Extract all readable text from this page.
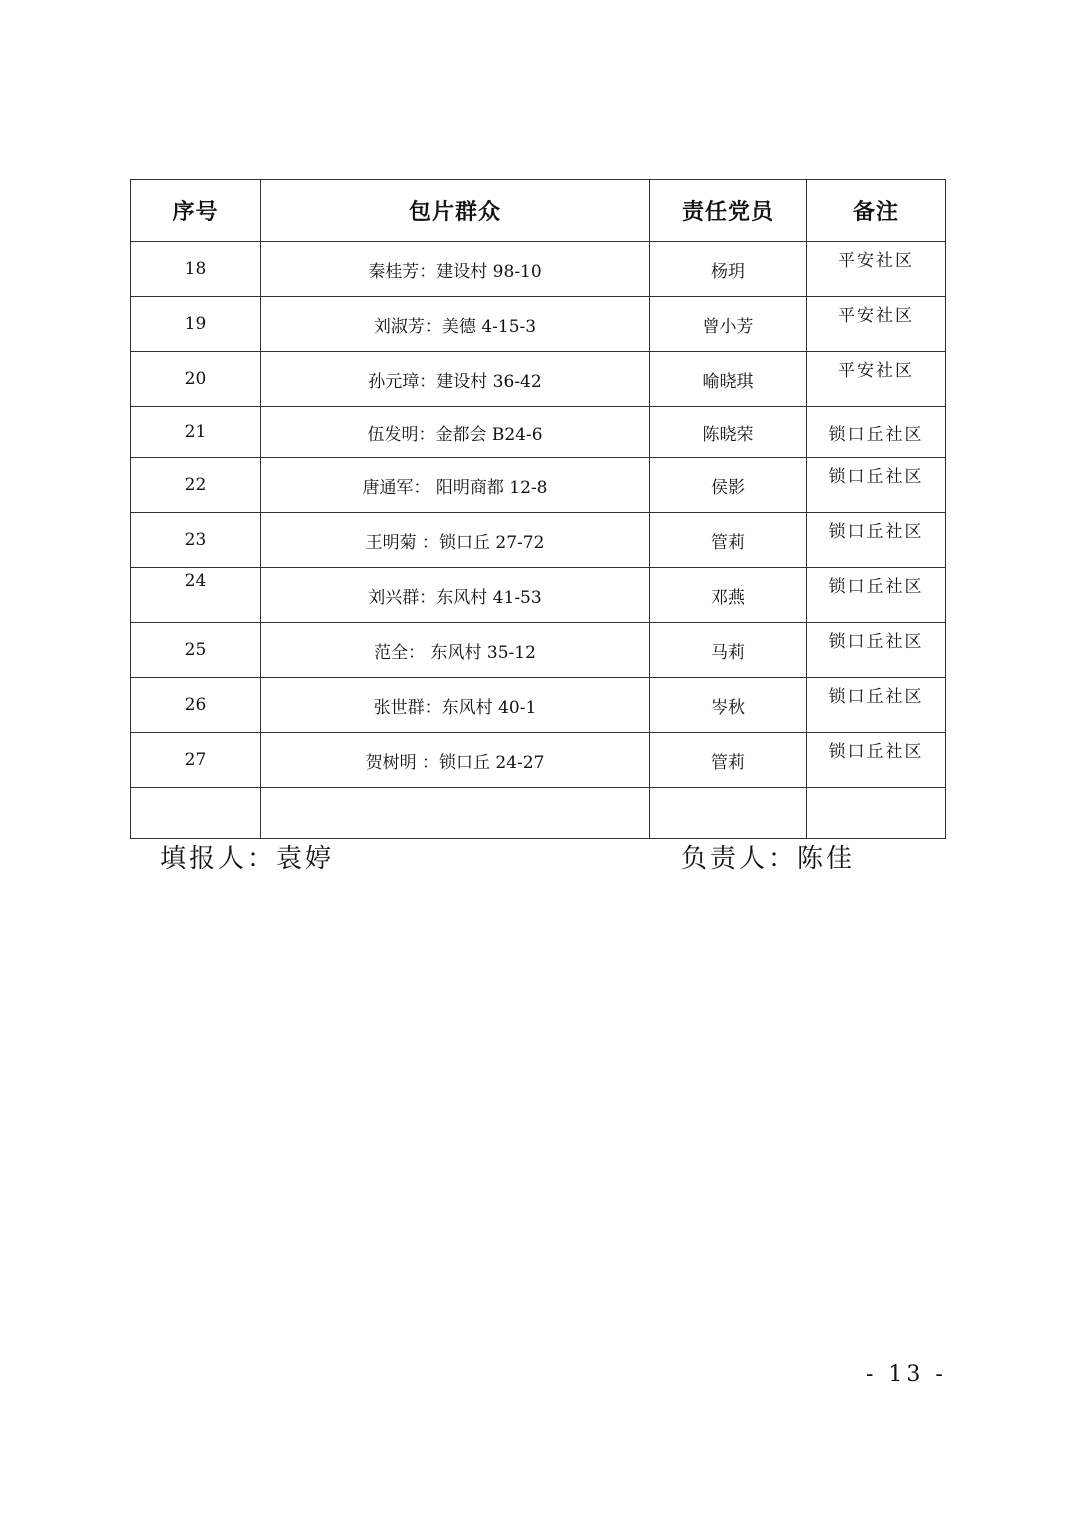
序号	包片群众	责任党员	备注
18	秦桂芳：建设村 98-10	杨玥	平安社区
19	刘淑芳：美德 4-15-3	曾小芳	平安社区
20	孙元璋：建设村 36-42	喻晓琪	平安社区
21	伍发明：金都会 B24-6	陈晓荣	锁口丘社区
22	唐通军： 阳明商都 12-8	侯影	锁口丘社区
23	王明菊 ：锁口丘 27-72	管莉	锁口丘社区
24	刘兴群：东风村 41-53	邓燕	锁口丘社区
25	范全： 东风村 35-12	马莉	锁口丘社区
26	张世群：东风村 40-1	岑秋	锁口丘社区
27	贺树明 ：锁口丘 24-27	管莉	锁口丘社区

填报人：袁婷	负责人：陈佳
- 13 -
